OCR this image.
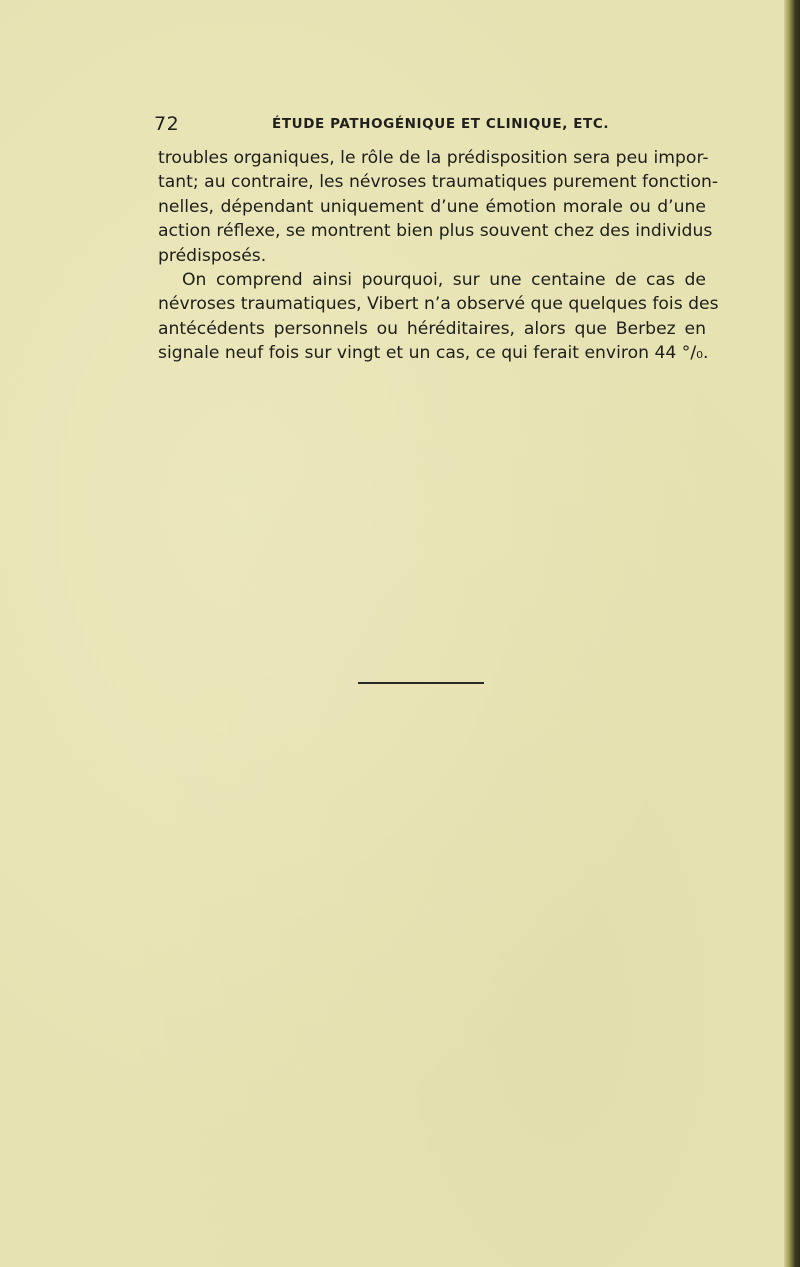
72	ÉTUDE PATHOGÉNIQUE ET CLINIQUE, ETC.
troubles organiques, le rôle de la prédisposition sera peu impor-
tant; au contraire, les névroses traumatiques purement fonction-
nelles, dépendant uniquement d’une émotion morale ou d’une
action réflexe, se montrent bien plus souvent chez des individus
prédisposés.
On comprend ainsi pourquoi, sur une centaine de cas de
névroses traumatiques, Vibert n’a observé que quelques fois des
antécédents personnels ou héréditaires, alors que Berbez en
signale neuf fois sur vingt et un cas, ce qui ferait environ 44 °/₀.
